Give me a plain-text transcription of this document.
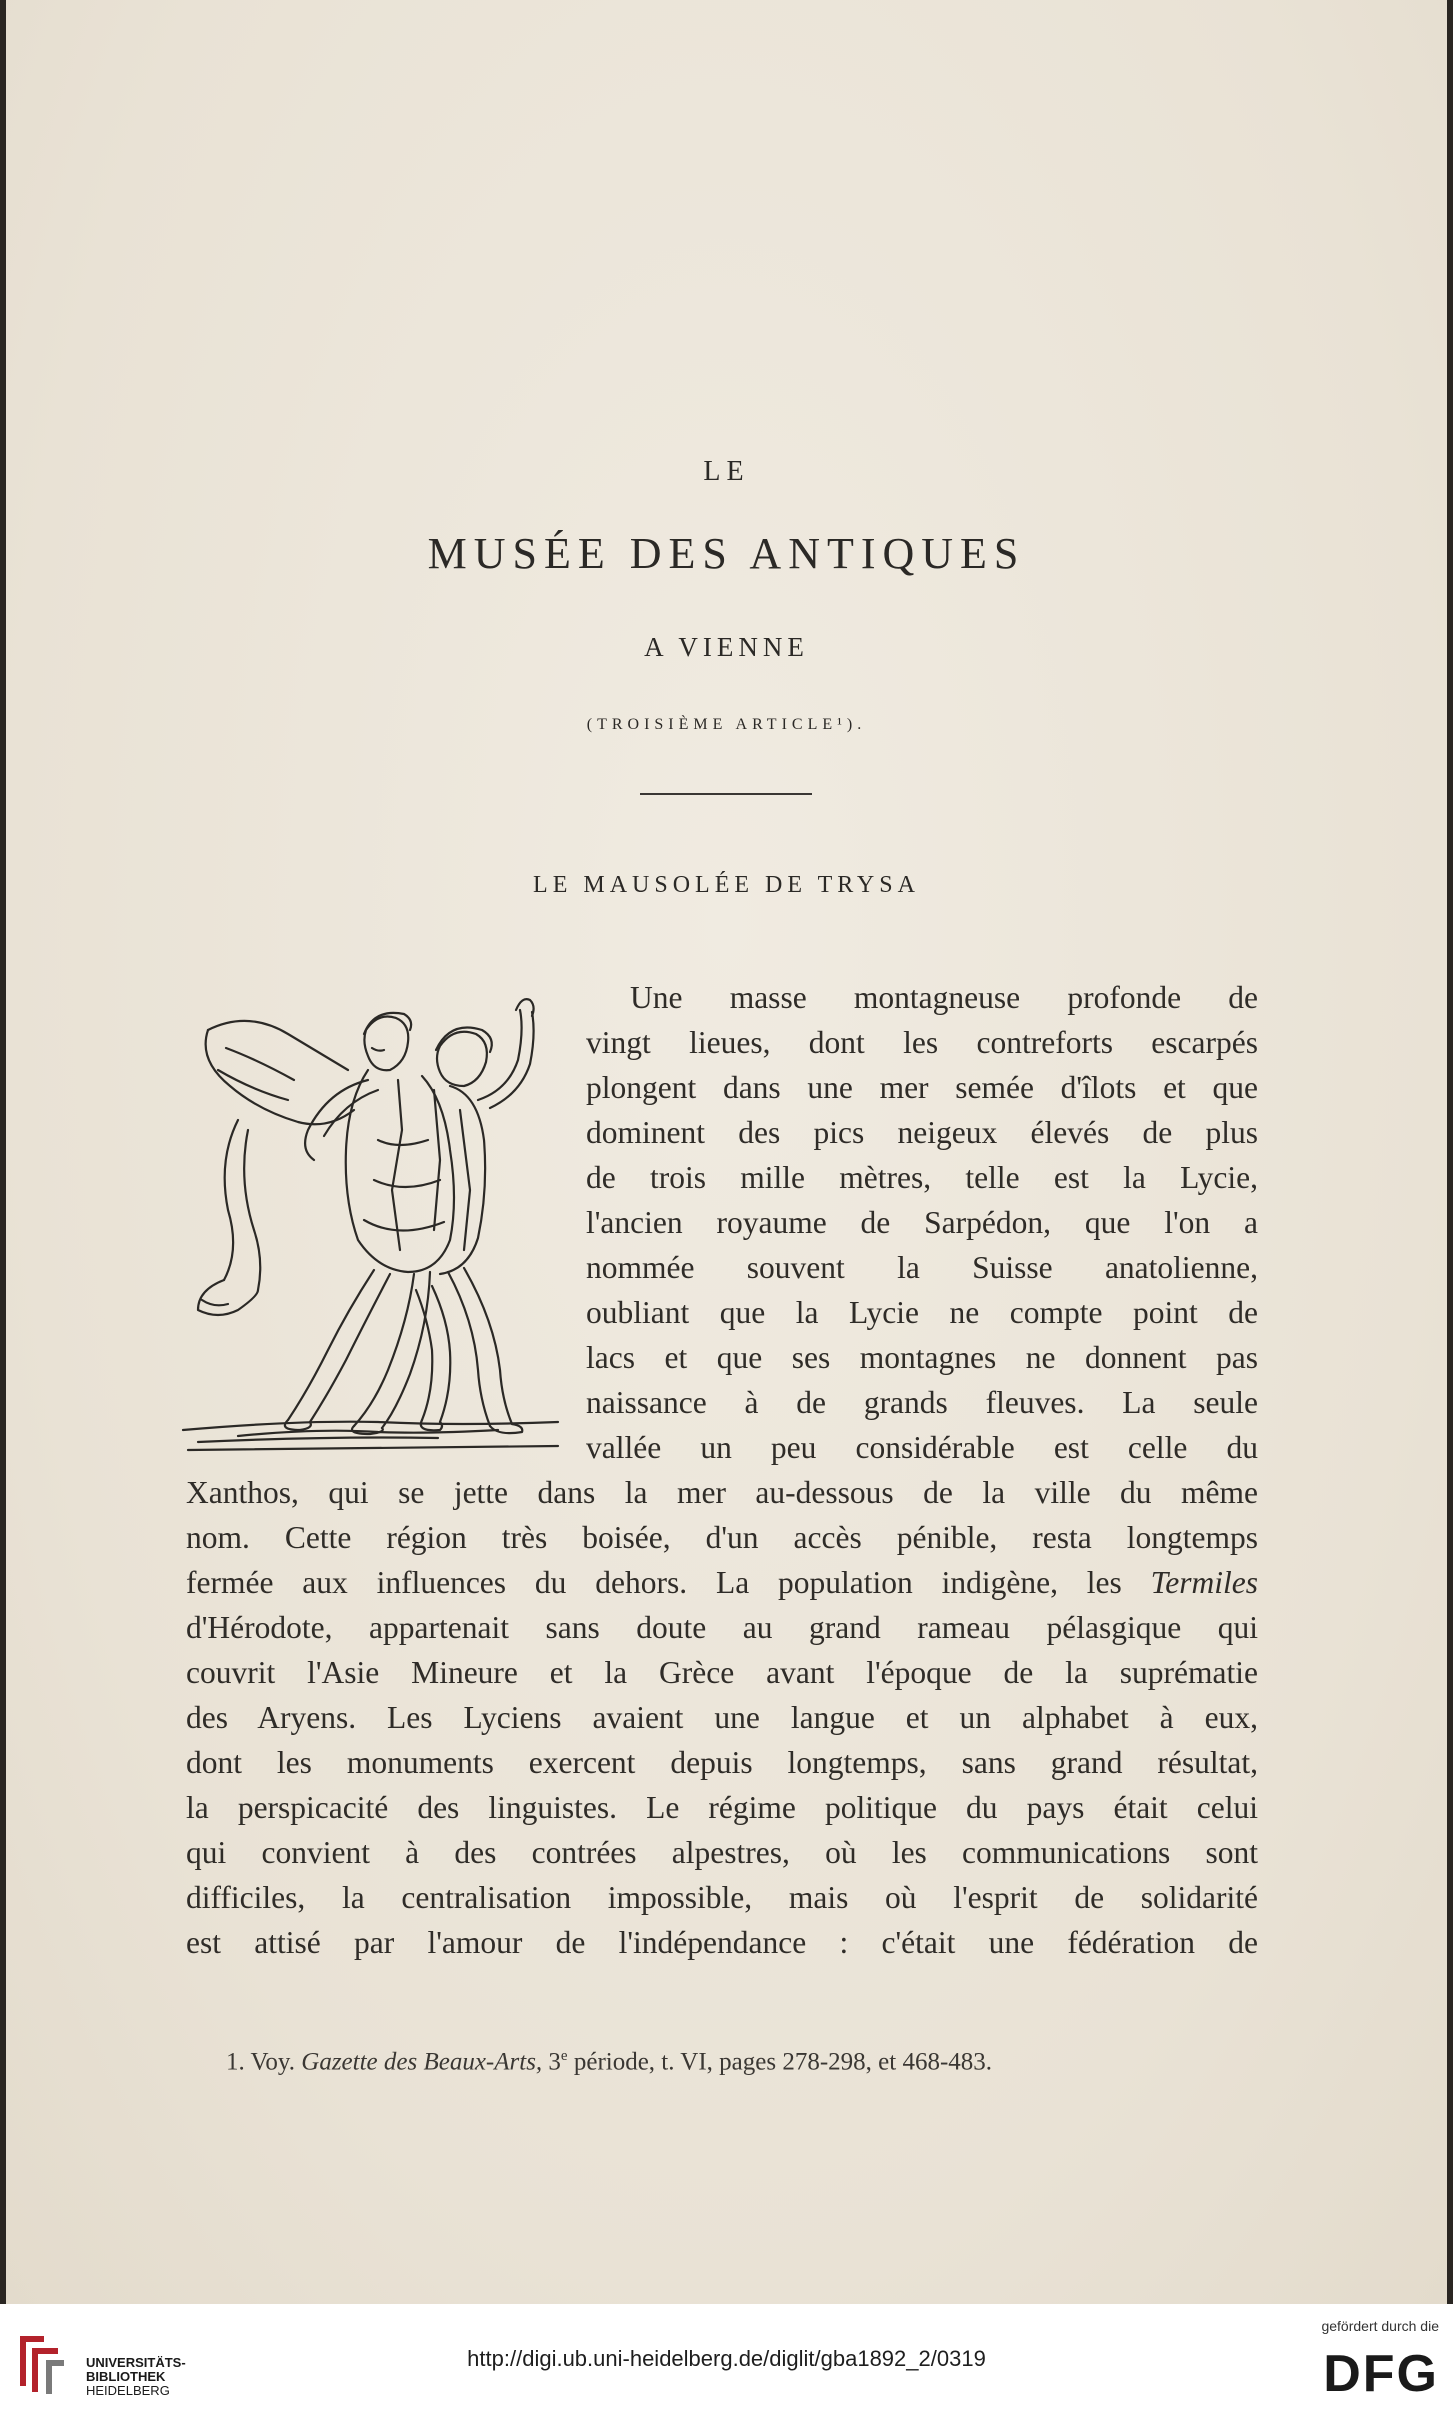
LE
MUSÉE DES ANTIQUES
A VIENNE
(TROISIÈME ARTICLE¹).
LE MAUSOLÉE DE TRYSA
Une masse montagneuse profonde de
vingt lieues, dont les contreforts escarpés
plongent dans une mer semée d'îlots et que
dominent des pics neigeux élevés de plus
de trois mille mètres, telle est la Lycie,
l'ancien royaume de Sarpédon, que l'on a
nommée souvent la Suisse anatolienne,
oubliant que la Lycie ne compte point de
lacs et que ses montagnes ne donnent pas
naissance à de grands fleuves. La seule
vallée un peu considérable est celle du
Xanthos, qui se jette dans la mer au-dessous de la ville du même
nom. Cette région très boisée, d'un accès pénible, resta longtemps
fermée aux influences du dehors. La population indigène, les Termiles
d'Hérodote, appartenait sans doute au grand rameau pélasgique qui
couvrit l'Asie Mineure et la Grèce avant l'époque de la suprématie
des Aryens. Les Lyciens avaient une langue et un alphabet à eux,
dont les monuments exercent depuis longtemps, sans grand résultat,
la perspicacité des linguistes. Le régime politique du pays était celui
qui convient à des contrées alpestres, où les communications sont
difficiles, la centralisation impossible, mais où l'esprit de solidarité
est attisé par l'amour de l'indépendance : c'était une fédération de
1. Voy. Gazette des Beaux-Arts, 3e période, t. VI, pages 278-298, et 468-483.
UNIVERSITÄTS-
BIBLIOTHEK
HEIDELBERG
http://digi.ub.uni-heidelberg.de/diglit/gba1892_2/0319
gefördert durch die
DFG
